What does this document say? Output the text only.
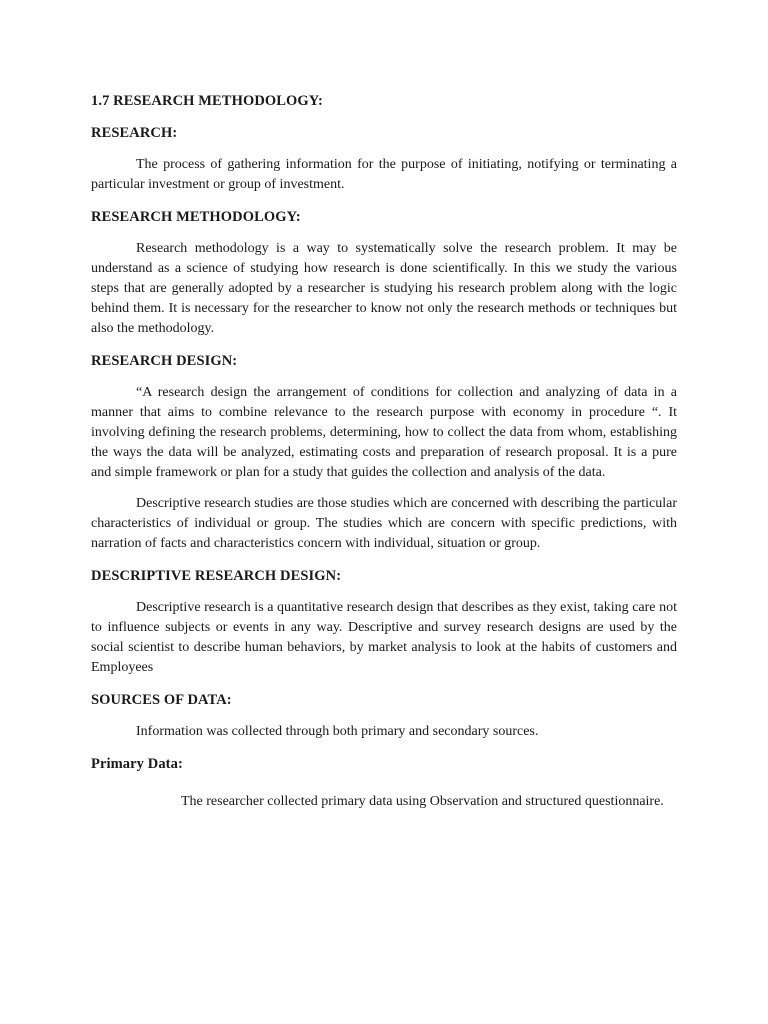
1.7 RESEARCH METHODOLOGY:

RESEARCH:

The process of gathering information for the purpose of initiating, notifying or terminating a particular investment or group of investment.

RESEARCH METHODOLOGY:

Research methodology is a way to systematically solve the research problem. It may be understand as a science of studying how research is done scientifically. In this we study the various steps that are generally adopted by a researcher is studying his research problem along with the logic behind them. It is necessary for the researcher to know not only the research methods or techniques but also the methodology.

RESEARCH DESIGN:

“A research design the arrangement of conditions for collection and analyzing of data in a manner that aims to combine relevance to the research purpose with economy in procedure “. It involving defining the research problems, determining, how to collect the data from whom, establishing the ways the data will be analyzed, estimating costs and preparation of research proposal. It is a pure and simple framework or plan for a study that guides the collection and analysis of the data.

Descriptive research studies are those studies which are concerned with describing the particular characteristics of individual or group. The studies which are concern with specific predictions, with narration of facts and characteristics concern with individual, situation or group.

DESCRIPTIVE RESEARCH DESIGN:

Descriptive research is a quantitative research design that describes as they exist, taking care not to influence subjects or events in any way. Descriptive and survey research designs are used by the social scientist to describe human behaviors, by market analysis to look at the habits of customers and Employees

SOURCES OF DATA:

Information was collected through both primary and secondary sources.

Primary Data:

The researcher collected primary data using Observation and structured questionnaire.
